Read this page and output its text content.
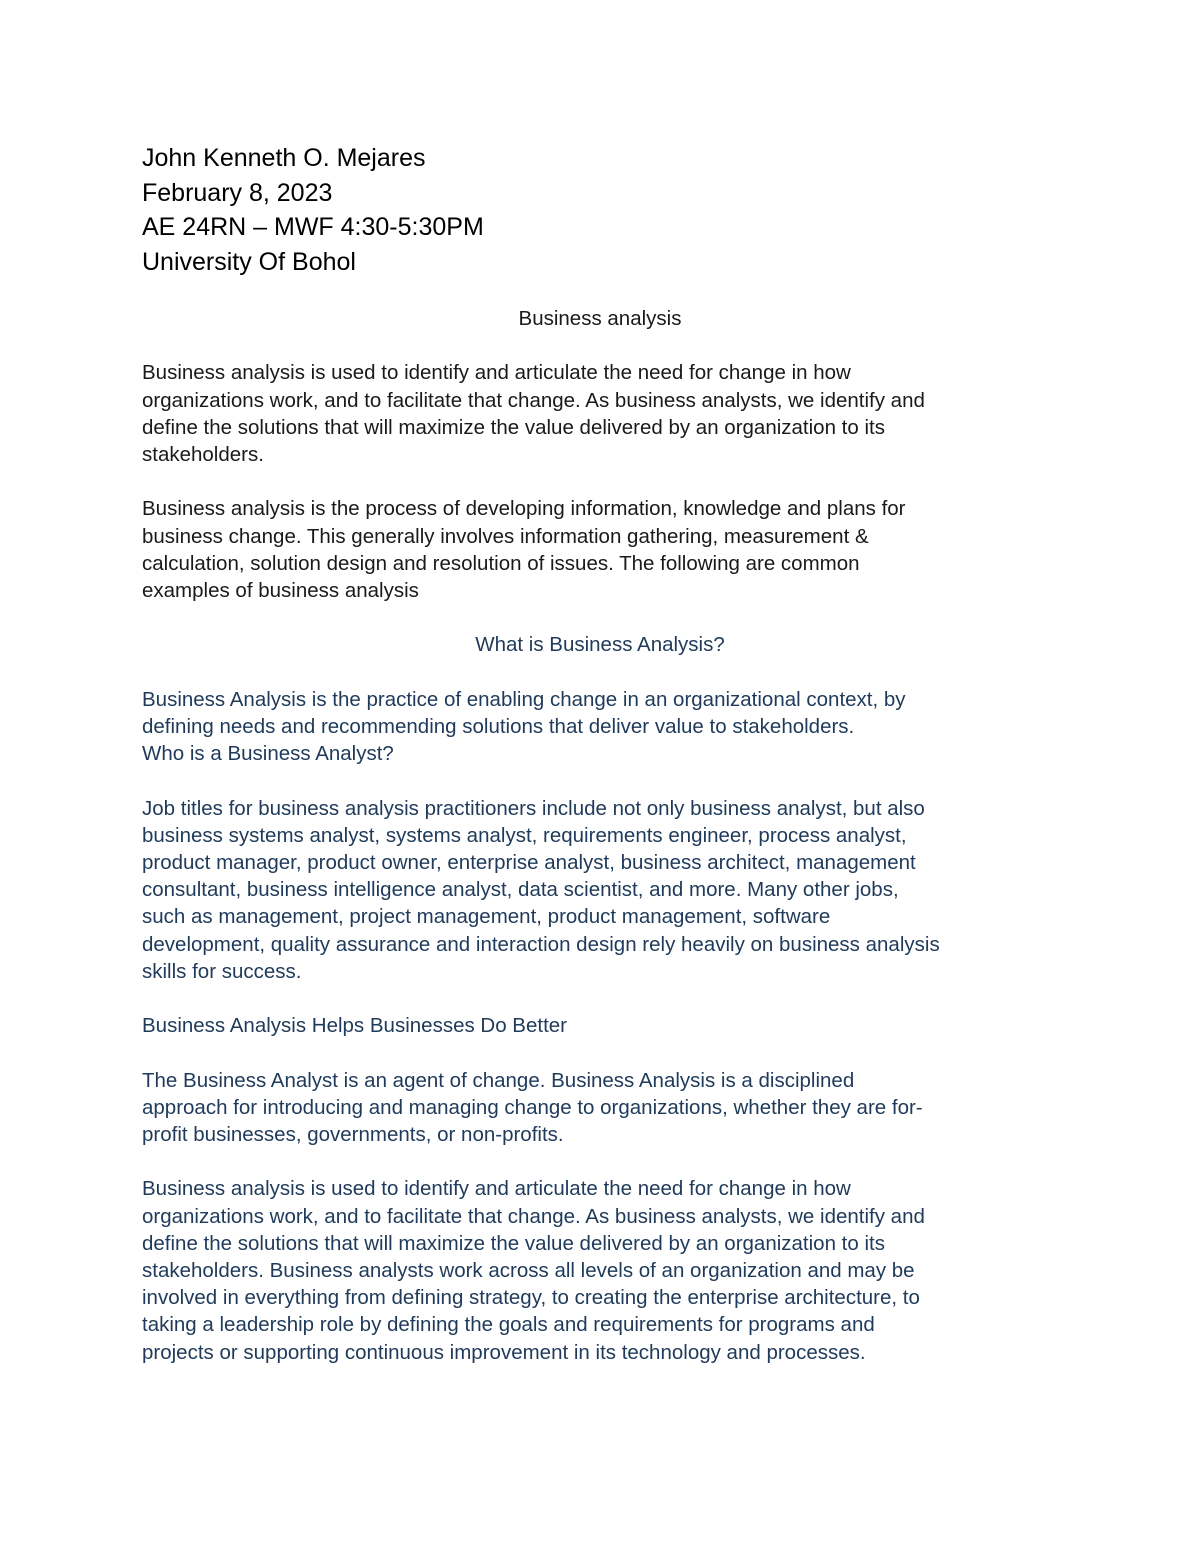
John Kenneth O. Mejares
February 8, 2023
AE 24RN – MWF 4:30-5:30PM
University Of Bohol

Business analysis

Business analysis is used to identify and articulate the need for change in how
organizations work, and to facilitate that change. As business analysts, we identify and
define the solutions that will maximize the value delivered by an organization to its
stakeholders.

Business analysis is the process of developing information, knowledge and plans for
business change. This generally involves information gathering, measurement &
calculation, solution design and resolution of issues. The following are common
examples of business analysis

What is Business Analysis?

Business Analysis is the practice of enabling change in an organizational context, by
defining needs and recommending solutions that deliver value to stakeholders.
Who is a Business Analyst?

Job titles for business analysis practitioners include not only business analyst, but also
business systems analyst, systems analyst, requirements engineer, process analyst,
product manager, product owner, enterprise analyst, business architect, management
consultant, business intelligence analyst, data scientist, and more. Many other jobs,
such as management, project management, product management, software
development, quality assurance and interaction design rely heavily on business analysis
skills for success.

Business Analysis Helps Businesses Do Better

The Business Analyst is an agent of change. Business Analysis is a disciplined
approach for introducing and managing change to organizations, whether they are for-
profit businesses, governments, or non-profits.

Business analysis is used to identify and articulate the need for change in how
organizations work, and to facilitate that change. As business analysts, we identify and
define the solutions that will maximize the value delivered by an organization to its
stakeholders. Business analysts work across all levels of an organization and may be
involved in everything from defining strategy, to creating the enterprise architecture, to
taking a leadership role by defining the goals and requirements for programs and
projects or supporting continuous improvement in its technology and processes.
